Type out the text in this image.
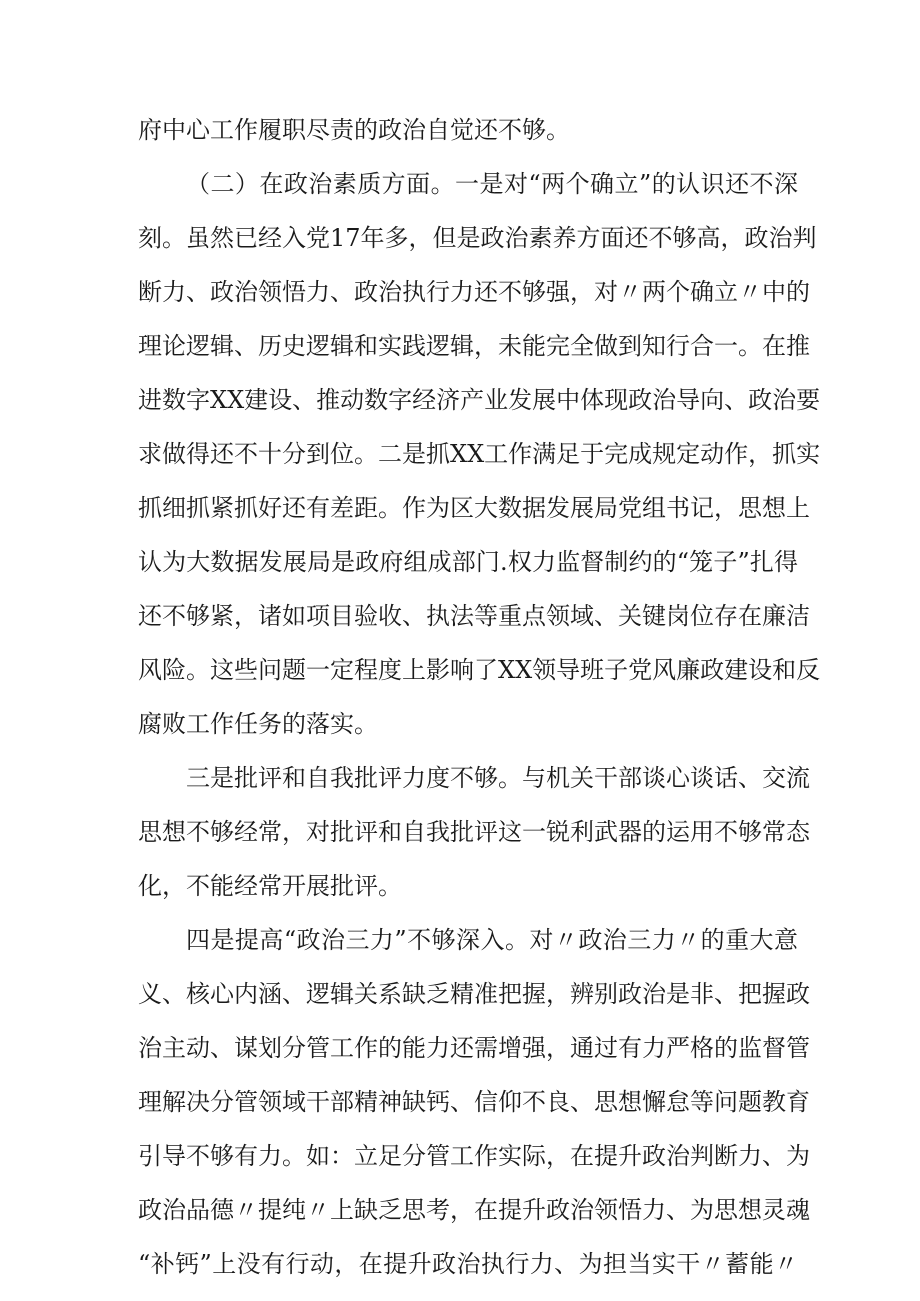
府中心工作履职尽责的政治自觉还不够。
（二）在政治素质方面。一是对“两个确立”的认识还不深
刻。虽然已经入党17年多，但是政治素养方面还不够高，政治判
断力、政治领悟力、政治执行力还不够强，对〃两个确立〃中的
理论逻辑、历史逻辑和实践逻辑，未能完全做到知行合一。在推
进数字XX建设、推动数字经济产业发展中体现政治导向、政治要
求做得还不十分到位。二是抓XX工作满足于完成规定动作，抓实
抓细抓紧抓好还有差距。作为区大数据发展局党组书记，思想上
认为大数据发展局是政府组成部门.权力监督制约的“笼子”扎得
还不够紧，诸如项目验收、执法等重点领域、关键岗位存在廉洁
风险。这些问题一定程度上影响了XX领导班子党风廉政建设和反
腐败工作任务的落实。
三是批评和自我批评力度不够。与机关干部谈心谈话、交流
思想不够经常，对批评和自我批评这一锐利武器的运用不够常态
化，不能经常开展批评。
四是提高“政治三力”不够深入。对〃政治三力〃的重大意
义、核心内涵、逻辑关系缺乏精准把握，辨别政治是非、把握政
治主动、谋划分管工作的能力还需增强，通过有力严格的监督管
理解决分管领域干部精神缺钙、信仰不良、思想懈怠等问题教育
引导不够有力。如：立足分管工作实际，在提升政治判断力、为
政治品德〃提纯〃上缺乏思考，在提升政治领悟力、为思想灵魂
“补钙”上没有行动，在提升政治执行力、为担当实干〃蓄能〃
